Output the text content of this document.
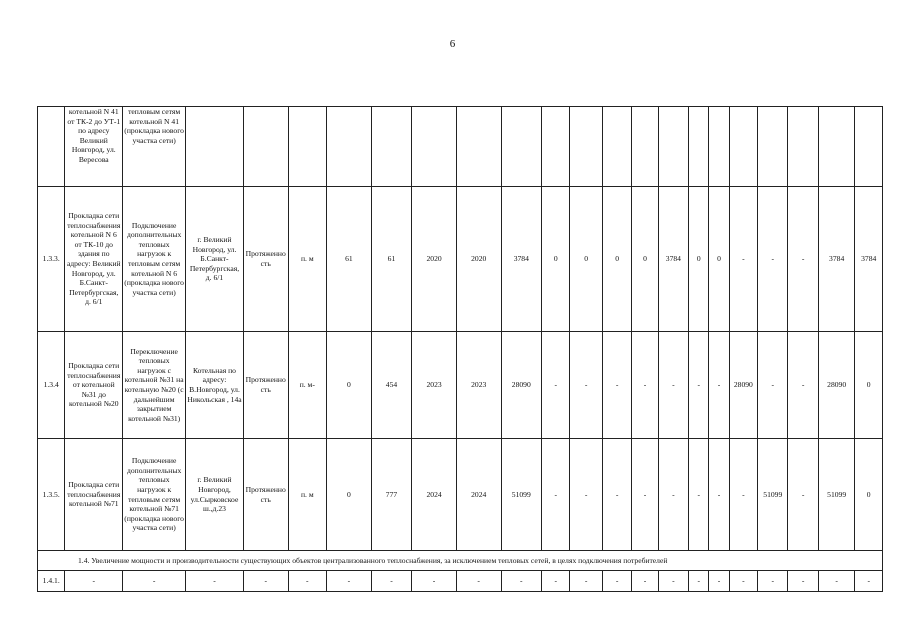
6
	котельной N 41 от ТК-2 до УТ-1 по адресу Великий Новгород, ул. Вересова	тепловым сетям котельной N 41 (прокладка нового участка сети)																				
1.3.3.	Прокладка сети теплоснабжения котельной N 6 от ТК-10 до здания по адресу: Великий Новгород, ул. Б.Санкт-Петербургская, д. 6/1	Подключение дополнительных тепловых нагрузок к тепловым сетям котельной N 6 (прокладка нового участка сети)	г. Великий Новгород, ул. Б.Санкт-Петербургская, д. 6/1	Протяженность	п. м	61	61	2020	2020	3784	0	0	0	0	3784	0	0	-	-	-	3784	3784
1.3.4	Прокладка сети теплоснабжения от котельной №31 до котельной №20	Переключение тепловых нагрузок с котельной №31 на котельную №20 (с дальнейшим закрытием котельной №31)	Котельная по адресу: В.Новгород, ул. Никольская , 14а	Протяженность	п. м-	0	454	2023	2023	28090	-	-	-	-	-	-	-	28090	-	-	28090	0
1.3.5.	Прокладка сети теплоснабжения котельной №71	Подключение дополнительных тепловых нагрузок к тепловым сетям котельной №71 (прокладка нового участка сети)	г. Великий Новгород, ул.Сырковское ш.,д.23	Протяженность	п. м	0	777	2024	2024	51099	-	-	-	-	-	-	-	-	51099	-	51099	0
1.4. Увеличение мощности и производительности существующих объектов централизованного теплоснабжения, за исключением тепловых сетей, в целях подключения потребителей																						
1.4.1.	-	-	-	-	-	-	-	-	-	-	-	-	-	-	-	-	-	-	-	-	-	-
